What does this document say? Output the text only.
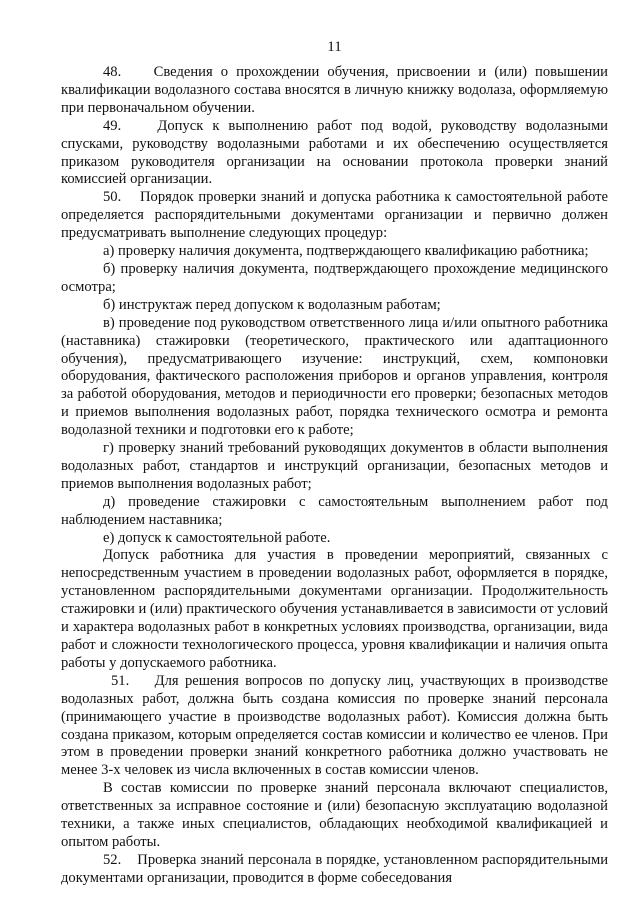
11

48.    Сведения о прохождении обучения, присвоении и (или) повышении квалификации водолазного состава вносятся в личную книжку водолаза, оформляемую при первоначальном обучении.

49.    Допуск к выполнению работ под водой, руководству водолазными спусками, руководству водолазными работами и их обеспечению осуществляется приказом руководителя организации на основании протокола проверки знаний комиссией организации.

50.    Порядок проверки знаний и допуска работника к самостоятельной работе определяется распорядительными документами организации и первично должен предусматривать выполнение следующих процедур:

а) проверку наличия документа, подтверждающего квалификацию работника;

б) проверку наличия документа, подтверждающего прохождение медицинского осмотра;

б) инструктаж перед допуском к водолазным работам;

в) проведение под руководством ответственного лица и/или опытного работника (наставника) стажировки (теоретического, практического или адаптационного обучения), предусматривающего изучение: инструкций, схем, компоновки оборудования, фактического расположения приборов и органов управления, контроля за работой оборудования, методов и периодичности его проверки; безопасных методов и приемов выполнения водолазных работ, порядка технического осмотра и ремонта водолазной техники и подготовки его к работе;

г) проверку знаний требований руководящих документов в области выполнения водолазных работ, стандартов и инструкций организации, безопасных методов и приемов выполнения водолазных работ;

д) проведение стажировки с самостоятельным выполнением работ под наблюдением наставника;

е) допуск к самостоятельной работе.

Допуск работника для участия в проведении мероприятий, связанных с непосредственным участием в проведении водолазных работ, оформляется в порядке, установленном распорядительными документами организации. Продолжительность стажировки и (или) практического обучения устанавливается в зависимости от условий и характера водолазных работ в конкретных условиях производства, организации, вида работ и сложности технологического процесса, уровня квалификации и наличия опыта работы у допускаемого работника.

51.    Для решения вопросов по допуску лиц, участвующих в производстве водолазных работ, должна быть создана комиссия по проверке знаний персонала (принимающего участие в производстве водолазных работ). Комиссия должна быть создана приказом, которым определяется состав комиссии и количество ее членов. При этом в проведении проверки знаний конкретного работника должно участвовать не менее 3-х человек из числа включенных в состав комиссии членов.

В состав комиссии по проверке знаний персонала включают специалистов, ответственных за исправное состояние и (или) безопасную эксплуатацию водолазной техники, а также иных специалистов, обладающих необходимой квалификацией и опытом работы.

52.    Проверка знаний персонала в порядке, установленном распорядительными документами организации, проводится в форме собеседования
